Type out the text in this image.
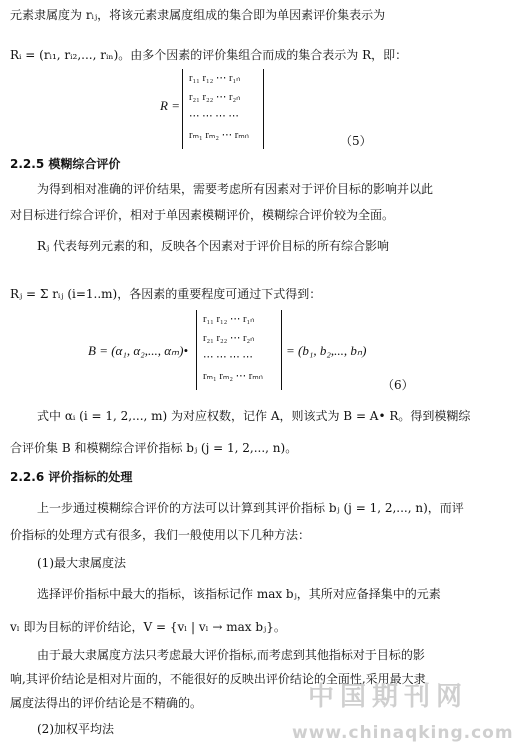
元素隶属度为 rᵢⱼ，将该元素隶属度组成的集合即为单因素评价集表示为
Rᵢ = (rᵢ₁, rᵢ₂,..., rᵢₙ)。由多个因素的评价集组合而成的集合表示为 R，即：
R =
r₁₁ r₁₂ ⋯ r₁ₙ
r₂₁ r₂₂ ⋯ r₂ₙ
⋯ ⋯ ⋯ ⋯
rₘ₁ rₘ₂ ⋯ rₘₙ	（5）
2.2.5 模糊综合评价
为得到相对准确的评价结果，需要考虑所有因素对于评价目标的影响并以此
对目标进行综合评价，相对于单因素模糊评价，模糊综合评价较为全面。
Rⱼ 代表每列元素的和，反映各个因素对于评价目标的所有综合影响
Rⱼ = Σ rᵢⱼ (i=1..m)，各因素的重要程度可通过下式得到：
B = (α₁, α₂,..., αₘ)•
r₁₁ r₁₂ ⋯ r₁ₙ
r₂₁ r₂₂ ⋯ r₂ₙ
⋯ ⋯ ⋯ ⋯
rₘ₁ rₘ₂ ⋯ rₘₙ
= (b₁, b₂,..., bₙ)
（6）
式中 αᵢ (i = 1, 2,..., m) 为对应权数，记作 A，则该式为 B = A• R。得到模糊综
合评价集 B 和模糊综合评价指标 bⱼ (j = 1, 2,..., n)。
2.2.6 评价指标的处理
上一步通过模糊综合评价的方法可以计算到其评价指标 bⱼ (j = 1, 2,..., n)，而评
价指标的处理方式有很多，我们一般使用以下几种方法：
(1)最大隶属度法
选择评价指标中最大的指标，该指标记作 max bⱼ，其所对应备择集中的元素
vₗ 即为目标的评价结论，V = {vₗ | vₗ → max bⱼ}。
由于最大隶属度方法只考虑最大评价指标,而考虑到其他指标对于目标的影
响,其评价结论是相对片面的，不能很好的反映出评价结论的全面性,采用最大隶
属度法得出的评价结论是不精确的。
(2)加权平均法
中国期刊网
www.chinaqking.com
